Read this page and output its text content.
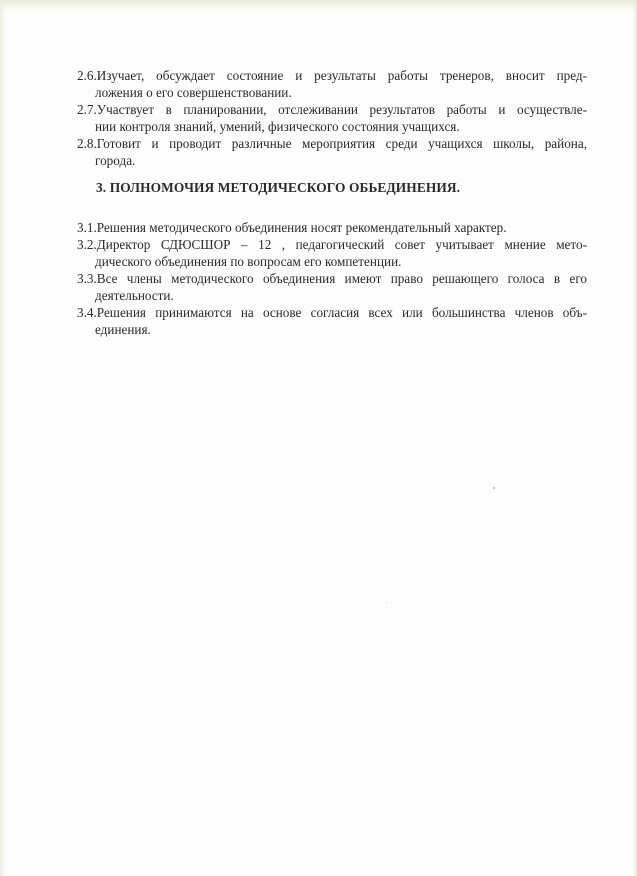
2.6.Изучает, обсуждает состояние и результаты работы тренеров, вносит пред-
ложения о его совершенствовании.
2.7.Участвует в планировании, отслеживании результатов работы и осуществле-
нии контроля знаний, умений, физического состояния учащихся.
2.8.Готовит и проводит различные мероприятия среди учащихся школы, района,
города.
3. ПОЛНОМОЧИЯ МЕТОДИЧЕСКОГО ОБЬЕДИНЕНИЯ.
3.1.Решения методического объединения носят рекомендательный характер.
3.2.Директор СДЮСШОР – 12 , педагогический совет учитывает мнение мето-
дического объединения по вопросам его компетенции.
3.3.Все члены методического объединения имеют право решающего голоса в его
деятельности.
3.4.Решения принимаются на основе согласия всех или большинства членов объ-
единения.
